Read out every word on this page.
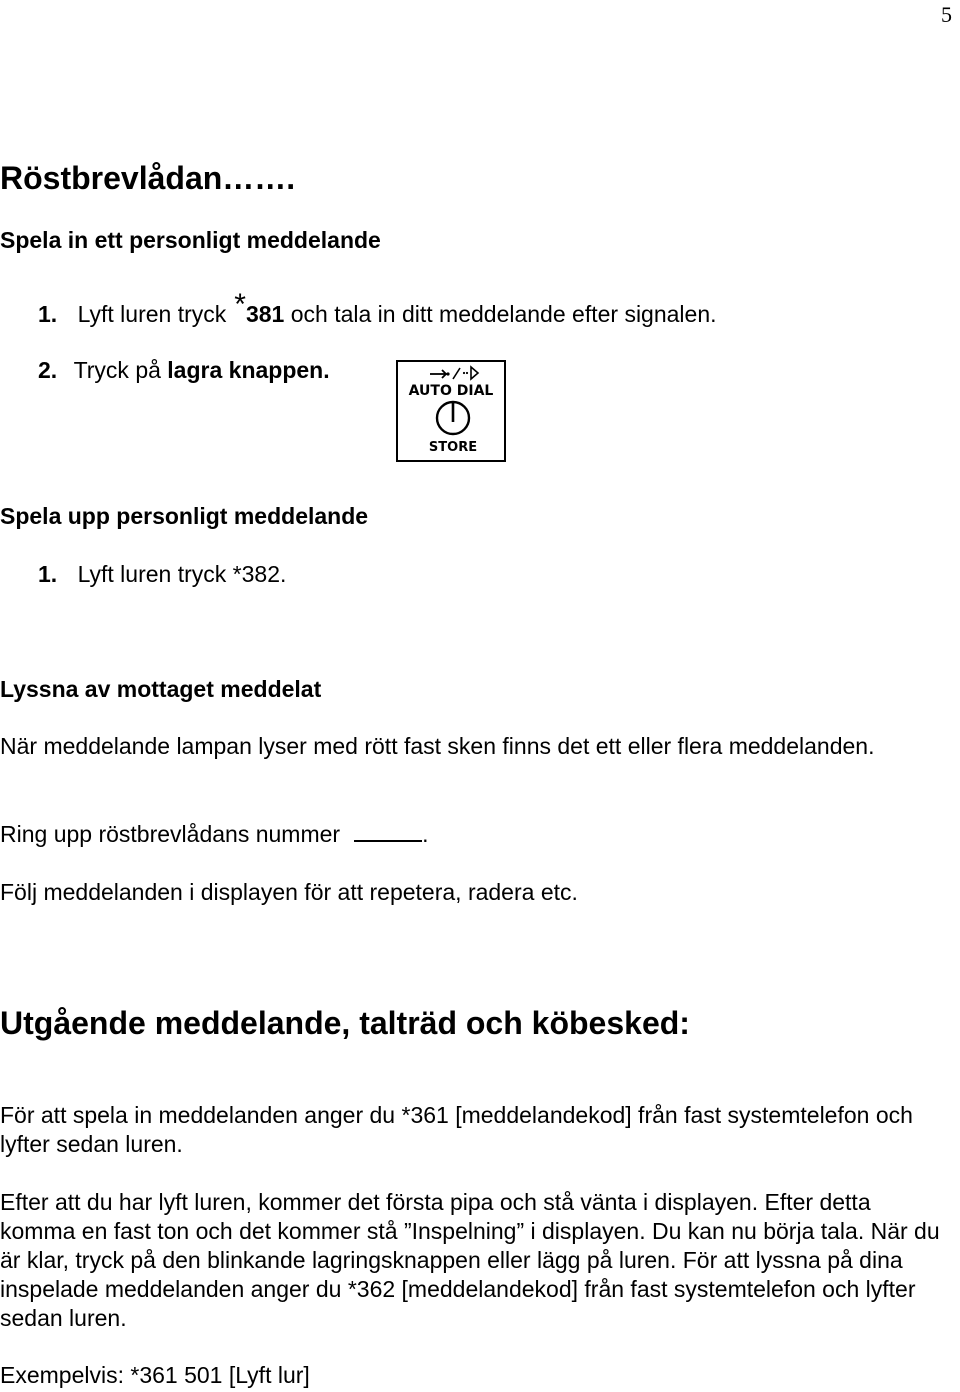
5
Röstbrevlådan…….
Spela in ett personligt meddelande
1. Lyft luren tryck *381 och tala in ditt meddelande efter signalen.
2. Tryck på lagra knappen.
AUTO DIAL
STORE
Spela upp personligt meddelande
1. Lyft luren tryck *382.
Lyssna av mottaget meddelat
När meddelande lampan lyser med rött fast sken finns det ett eller flera meddelanden.
Ring upp röstbrevlådans nummer	.
Följ meddelanden i displayen för att repetera, radera etc.
Utgående meddelande, talträd och köbesked:
För att spela in meddelanden anger du *361 [meddelandekod] från fast systemtelefon och lyfter sedan luren.
Efter att du har lyft luren, kommer det första pipa och stå vänta i displayen. Efter detta komma en fast ton och det kommer stå ”Inspelning” i displayen. Du kan nu börja tala. När du är klar, tryck på den blinkande lagringsknappen eller lägg på luren. För att lyssna på dina inspelade meddelanden anger du *362 [meddelandekod] från fast systemtelefon och lyfter sedan luren.
Exempelvis: *361 501 [Lyft lur]
